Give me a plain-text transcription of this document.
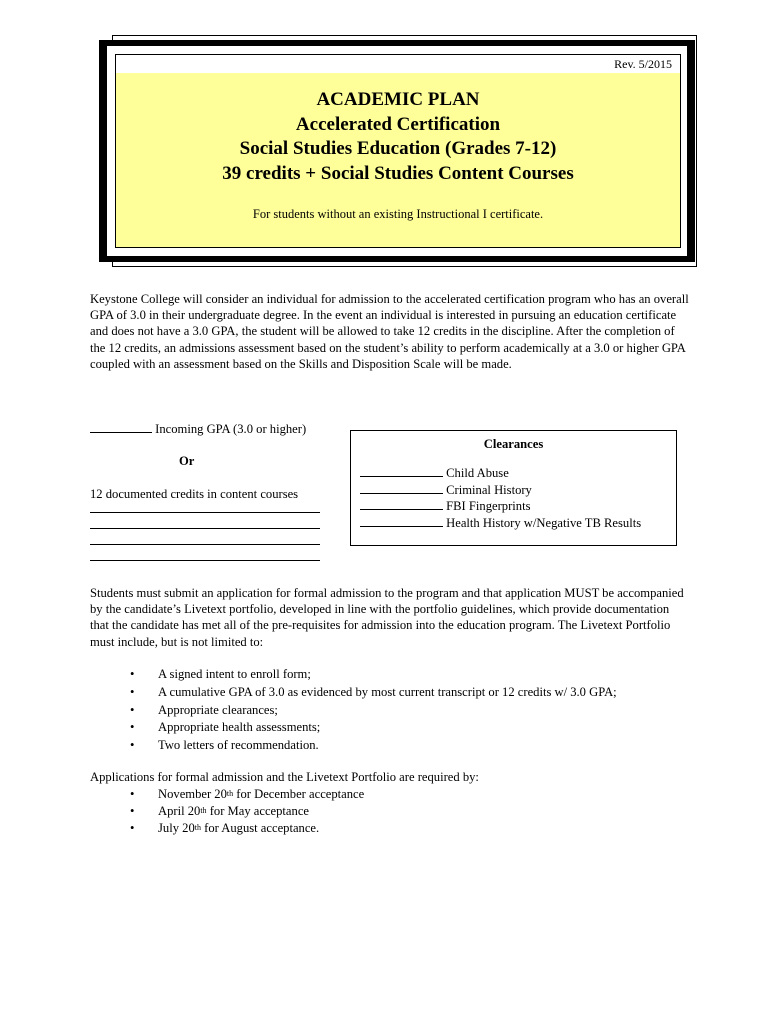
Rev. 5/2015
ACADEMIC PLAN
Accelerated Certification
Social Studies Education (Grades 7-12)
39 credits + Social Studies Content Courses
For students without an existing Instructional I certificate.

Keystone College will consider an individual for admission to the accelerated certification program who has an overall GPA of 3.0 in their undergraduate degree. In the event an individual is interested in pursuing an education certificate and does not have a 3.0 GPA, the student will be allowed to take 12 credits in the discipline. After the completion of the 12 credits, an admissions assessment based on the student’s ability to perform academically at a 3.0 or higher GPA coupled with an assessment based on the Skills and Disposition Scale will be made.

Incoming GPA (3.0 or higher)
Or
12 documented credits in content courses
Clearances
Child Abuse
Criminal History
FBI Fingerprints
Health History w/Negative TB Results

Students must submit an application for formal admission to the program and that application MUST be accompanied by the candidate’s Livetext portfolio, developed in line with the portfolio guidelines, which provide documentation that the candidate has met all of the pre-requisites for admission into the education program. The Livetext Portfolio must include, but is not limited to:

• A signed intent to enroll form;
• A cumulative GPA of 3.0 as evidenced by most current transcript or 12 credits w/ 3.0 GPA;
• Appropriate clearances;
• Appropriate health assessments;
• Two letters of recommendation.
Applications for formal admission and the Livetext Portfolio are required by:
• November 20th for December acceptance
• April 20th for May acceptance
• July 20th for August acceptance.
